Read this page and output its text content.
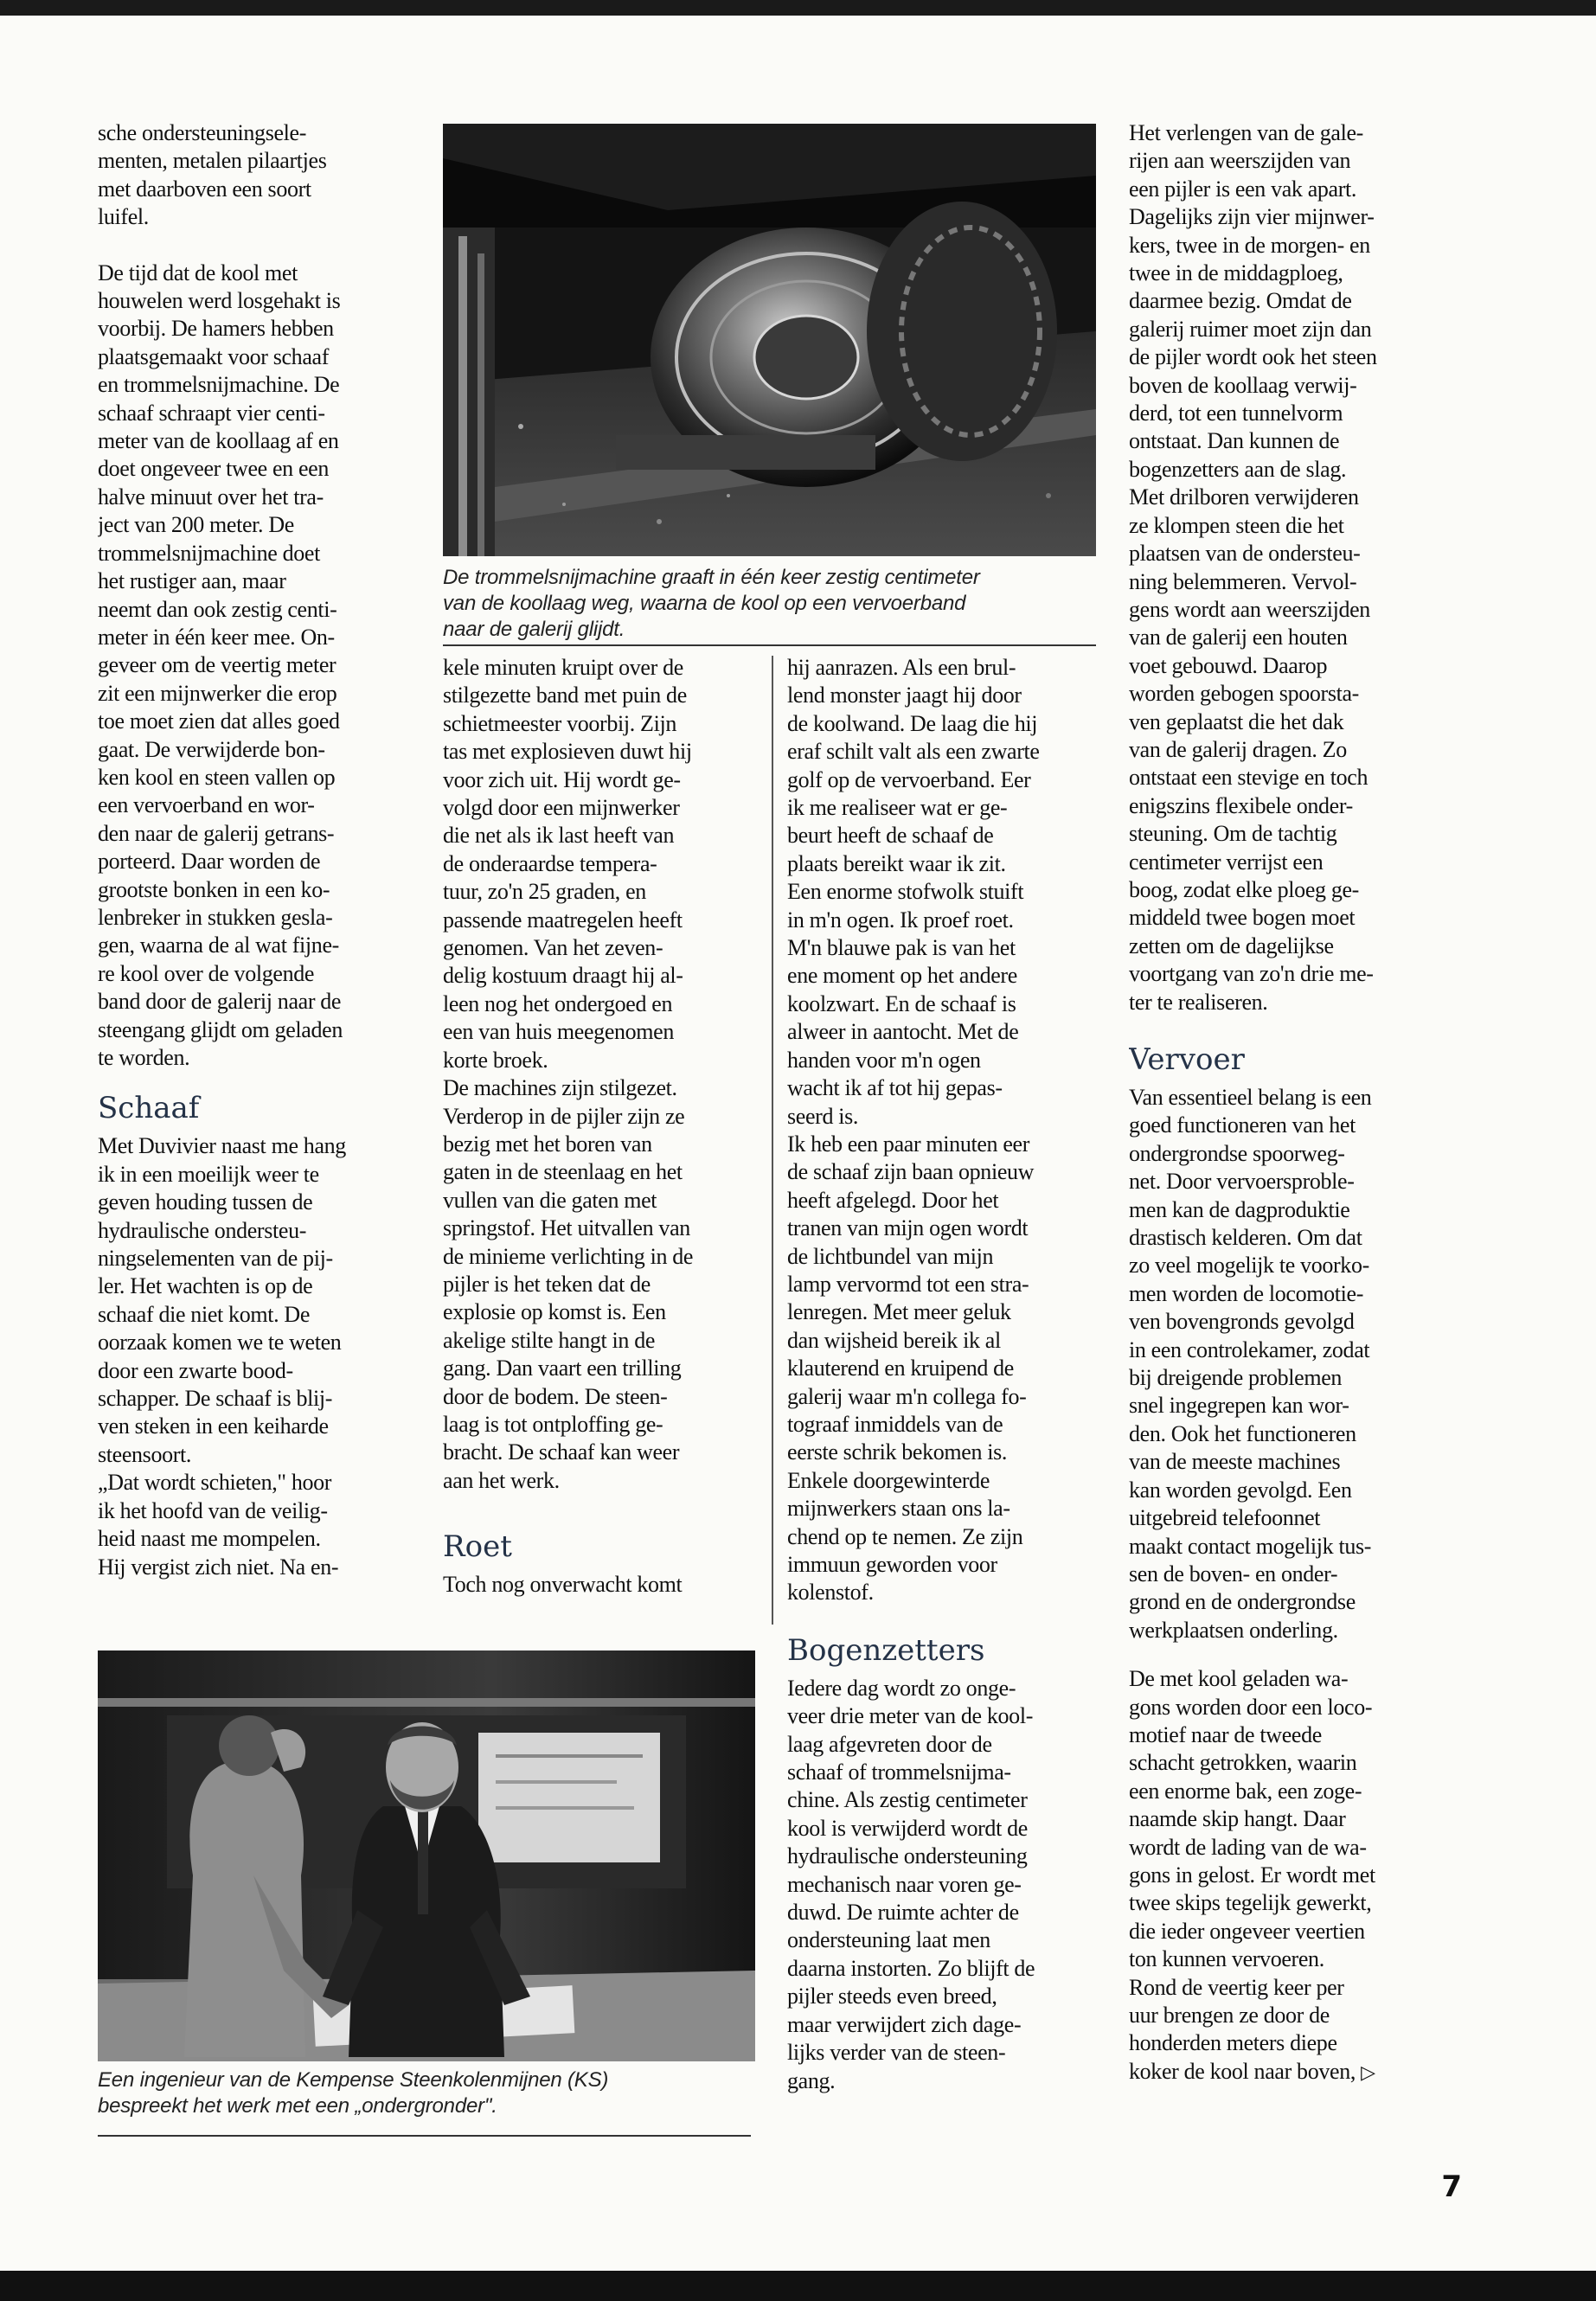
sche ondersteuningsele-
menten, metalen pilaartjes
met daarboven een soort
luifel.

De tijd dat de kool met
houwelen werd losgehakt is
voorbij. De hamers hebben
plaatsgemaakt voor schaaf
en trommelsnijmachine. De
schaaf schraapt vier centi-
meter van de koollaag af en
doet ongeveer twee en een
halve minuut over het tra-
ject van 200 meter. De
trommelsnijmachine doet
het rustiger aan, maar
neemt dan ook zestig centi-
meter in één keer mee. On-
geveer om de veertig meter
zit een mijnwerker die erop
toe moet zien dat alles goed
gaat. De verwijderde bon-
ken kool en steen vallen op
een vervoerband en wor-
den naar de galerij getrans-
porteerd. Daar worden de
grootste bonken in een ko-
lenbreker in stukken gesla-
gen, waarna de al wat fijne-
re kool over de volgende
band door de galerij naar de
steengang glijdt om geladen
te worden.

Schaaf

Met Duvivier naast me hang
ik in een moeilijk weer te
geven houding tussen de
hydraulische ondersteu-
ningselementen van de pij-
ler. Het wachten is op de
schaaf die niet komt. De
oorzaak komen we te weten
door een zwarte bood-
schapper. De schaaf is blij-
ven steken in een keiharde
steensoort.
„Dat wordt schieten," hoor
ik het hoofd van de veilig-
heid naast me mompelen.
Hij vergist zich niet. Na en-

De trommelsnijmachine graaft in één keer zestig centimeter
van de koollaag weg, waarna de kool op een vervoerband
naar de galerij glijdt.

kele minuten kruipt over de
stilgezette band met puin de
schietmeester voorbij. Zijn
tas met explosieven duwt hij
voor zich uit. Hij wordt ge-
volgd door een mijnwerker
die net als ik last heeft van
de onderaardse tempera-
tuur, zo'n 25 graden, en
passende maatregelen heeft
genomen. Van het zeven-
delig kostuum draagt hij al-
leen nog het ondergoed en
een van huis meegenomen
korte broek.
De machines zijn stilgezet.
Verderop in de pijler zijn ze
bezig met het boren van
gaten in de steenlaag en het
vullen van die gaten met
springstof. Het uitvallen van
de minieme verlichting in de
pijler is het teken dat de
explosie op komst is. Een
akelige stilte hangt in de
gang. Dan vaart een trilling
door de bodem. De steen-
laag is tot ontploffing ge-
bracht. De schaaf kan weer
aan het werk.

Roet

Toch nog onverwacht komt

hij aanrazen. Als een brul-
lend monster jaagt hij door
de koolwand. De laag die hij
eraf schilt valt als een zwarte
golf op de vervoerband. Eer
ik me realiseer wat er ge-
beurt heeft de schaaf de
plaats bereikt waar ik zit.
Een enorme stofwolk stuift
in m'n ogen. Ik proef roet.
M'n blauwe pak is van het
ene moment op het andere
koolzwart. En de schaaf is
alweer in aantocht. Met de
handen voor m'n ogen
wacht ik af tot hij gepas-
seerd is.
Ik heb een paar minuten eer
de schaaf zijn baan opnieuw
heeft afgelegd. Door het
tranen van mijn ogen wordt
de lichtbundel van mijn
lamp vervormd tot een stra-
lenregen. Met meer geluk
dan wijsheid bereik ik al
klauterend en kruipend de
galerij waar m'n collega fo-
tograaf inmiddels van de
eerste schrik bekomen is.
Enkele doorgewinterde
mijnwerkers staan ons la-
chend op te nemen. Ze zijn
immuun geworden voor
kolenstof.

Bogenzetters

Iedere dag wordt zo onge-
veer drie meter van de kool-
laag afgevreten door de
schaaf of trommelsnijma-
chine. Als zestig centimeter
kool is verwijderd wordt de
hydraulische ondersteuning
mechanisch naar voren ge-
duwd. De ruimte achter de
ondersteuning laat men
daarna instorten. Zo blijft de
pijler steeds even breed,
maar verwijdert zich dage-
lijks verder van de steen-
gang.

Het verlengen van de gale-
rijen aan weerszijden van
een pijler is een vak apart.
Dagelijks zijn vier mijnwer-
kers, twee in de morgen- en
twee in de middagploeg,
daarmee bezig. Omdat de
galerij ruimer moet zijn dan
de pijler wordt ook het steen
boven de koollaag verwij-
derd, tot een tunnelvorm
ontstaat. Dan kunnen de
bogenzetters aan de slag.
Met drilboren verwijderen
ze klompen steen die het
plaatsen van de ondersteu-
ning belemmeren. Vervol-
gens wordt aan weerszijden
van de galerij een houten
voet gebouwd. Daarop
worden gebogen spoorsta-
ven geplaatst die het dak
van de galerij dragen. Zo
ontstaat een stevige en toch
enigszins flexibele onder-
steuning. Om de tachtig
centimeter verrijst een
boog, zodat elke ploeg ge-
middeld twee bogen moet
zetten om de dagelijkse
voortgang van zo'n drie me-
ter te realiseren.

Vervoer

Van essentieel belang is een
goed functioneren van het
ondergrondse spoorweg-
net. Door vervoersproble-
men kan de dagproduktie
drastisch kelderen. Om dat
zo veel mogelijk te voorko-
men worden de locomotie-
ven bovengronds gevolgd
in een controlekamer, zodat
bij dreigende problemen
snel ingegrepen kan wor-
den. Ook het functioneren
van de meeste machines
kan worden gevolgd. Een
uitgebreid telefoonnet
maakt contact mogelijk tus-
sen de boven- en onder-
grond en de ondergrondse
werkplaatsen onderling.

De met kool geladen wa-
gons worden door een loco-
motief naar de tweede
schacht getrokken, waarin
een enorme bak, een zoge-
naamde skip hangt. Daar
wordt de lading van de wa-
gons in gelost. Er wordt met
twee skips tegelijk gewerkt,
die ieder ongeveer veertien
ton kunnen vervoeren.
Rond de veertig keer per
uur brengen ze door de
honderden meters diepe
koker de kool naar boven, ▷

Een ingenieur van de Kempense Steenkolenmijnen (KS)
bespreekt het werk met een „ondergronder".
7
